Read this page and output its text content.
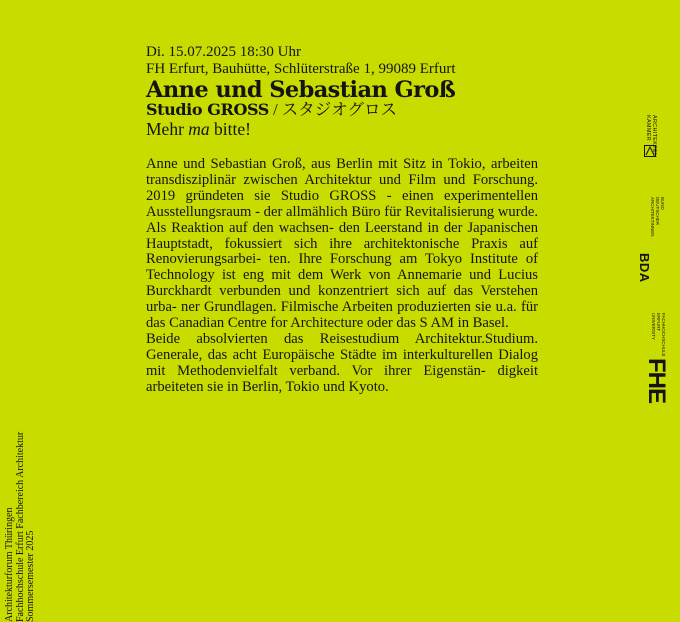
Di. 15.07.2025 18:30 Uhr
FH Erfurt, Bauhütte, Schlüterstraße 1, 99089 Erfurt
Anne und Sebastian Groß
Studio GROSS / スタジオグロス
Mehr ma bitte!

Anne und Sebastian Groß, aus Berlin mit Sitz in Tokio, arbeiten transdisziplinär zwischen Architektur und Film und Forschung. 2019 gründeten sie Studio GROSS - einen experimentellen Ausstellungsraum - der allmählich Büro für Revitalisierung wurde. Als Reaktion auf den wachsen- den Leerstand in der Japanischen Hauptstadt, fokussiert sich ihre architektonische Praxis auf Renovierungsarbei- ten. Ihre Forschung am Tokyo Institute of Technology ist eng mit dem Werk von Annemarie und Lucius Burckhardt verbunden und konzentriert sich auf das Verstehen urba- ner Grundlagen. Filmische Arbeiten produzierten sie u.a. für das Canadian Centre for Architecture oder das S AM in Basel.

Beide absolvierten das Reisestudium Architektur.Studium. Generale, das acht Europäische Städte im interkulturellen Dialog mit Methodenvielfalt verband. Vor ihrer Eigenstän- digkeit arbeiteten sie in Berlin, Tokio und Kyoto.

Architekturforum Thüringen Fachhochschule Erfurt Fachbereich Architektur Sommersemester 2025
ARCHITEKTEN
KAMMER
BUND
DEUTSCHER
ARCHITEKTINNEN
BDA
FACHHOCHSCHULE
ERFURT
UNIVERSITY
FHE
